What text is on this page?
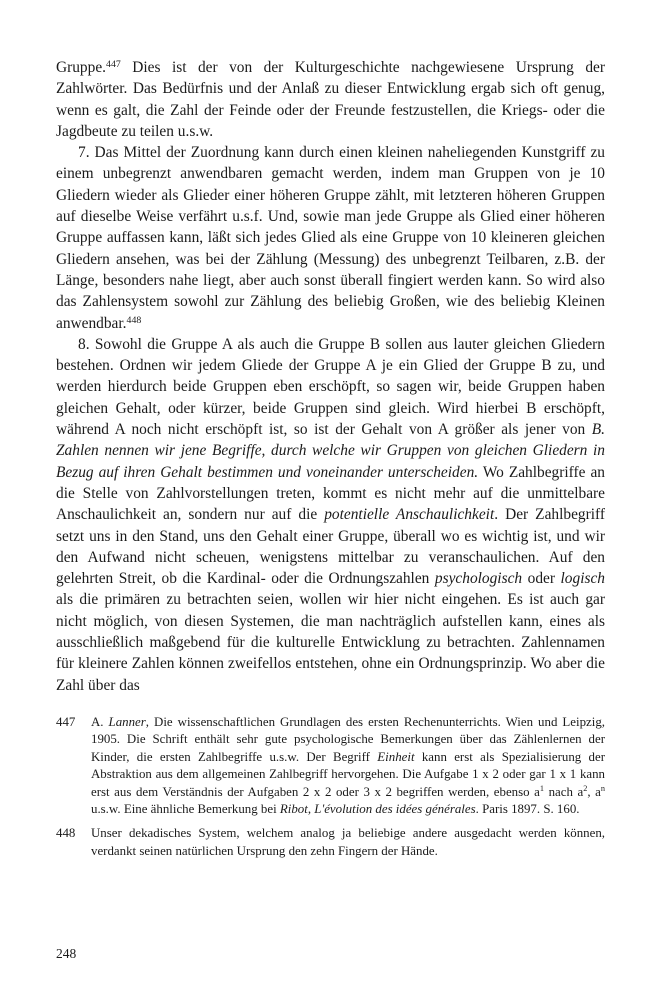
Gruppe.$^{447}$ Dies ist der von der Kulturgeschichte nachgewiesene Ursprung der Zahlwörter. Das Bedürfnis und der Anlaß zu dieser Entwicklung ergab sich oft genug, wenn es galt, die Zahl der Feinde oder der Freunde festzustellen, die Kriegs- oder die Jagdbeute zu teilen u.s.w.

7. Das Mittel der Zuordnung kann durch einen kleinen naheliegenden Kunstgriff zu einem unbegrenzt anwendbaren gemacht werden, indem man Gruppen von je 10 Gliedern wieder als Glieder einer höheren Gruppe zählt, mit letzteren höheren Gruppen auf dieselbe Weise verfährt u.s.f. Und, sowie man jede Gruppe als Glied einer höheren Gruppe auffassen kann, läßt sich jedes Glied als eine Gruppe von 10 kleineren gleichen Gliedern ansehen, was bei der Zählung (Messung) des unbegrenzt Teilbaren, z.B. der Länge, besonders nahe liegt, aber auch sonst überall fingiert werden kann. So wird also das Zahlensystem sowohl zur Zählung des beliebig Großen, wie des beliebig Kleinen anwendbar.$^{448}$

8. Sowohl die Gruppe A als auch die Gruppe B sollen aus lauter gleichen Gliedern bestehen. Ordnen wir jedem Gliede der Gruppe A je ein Glied der Gruppe B zu, und werden hierdurch beide Gruppen eben erschöpft, so sagen wir, beide Gruppen haben gleichen Gehalt, oder kürzer, beide Gruppen sind gleich. Wird hierbei B erschöpft, während A noch nicht erschöpft ist, so ist der Gehalt von A größer als jener von B. Zahlen nennen wir jene Begriffe, durch welche wir Gruppen von gleichen Gliedern in Bezug auf ihren Gehalt bestimmen und voneinander unterscheiden. Wo Zahlbegriffe an die Stelle von Zahlvorstellungen treten, kommt es nicht mehr auf die unmittelbare Anschaulichkeit an, sondern nur auf die potentielle Anschaulichkeit. Der Zahlbegriff setzt uns in den Stand, uns den Gehalt einer Gruppe, überall wo es wichtig ist, und wir den Aufwand nicht scheuen, wenigstens mittelbar zu veranschaulichen. Auf den gelehrten Streit, ob die Kardinal- oder die Ordnungszahlen psychologisch oder logisch als die primären zu betrachten seien, wollen wir hier nicht eingehen. Es ist auch gar nicht möglich, von diesen Systemen, die man nachträglich aufstellen kann, eines als ausschließlich maßgebend für die kulturelle Entwicklung zu betrachten. Zahlennamen für kleinere Zahlen können zweifellos entstehen, ohne ein Ordnungsprinzip. Wo aber die Zahl über das

447	A. Lanner, Die wissenschaftlichen Grundlagen des ersten Rechenunterrichts. Wien und Leipzig, 1905. Die Schrift enthält sehr gute psychologische Bemerkungen über das Zählenlernen der Kinder, die ersten Zahlbegriffe u.s.w. Der Begriff Einheit kann erst als Spezialisierung der Abstraktion aus dem allgemeinen Zahlbegriff hervorgehen. Die Aufgabe 1 x 2 oder gar 1 x 1 kann erst aus dem Verständnis der Aufgaben 2 x 2 oder 3 x 2 begriffen werden, ebenso $a^1$ nach $a^2$, $a^n$ u.s.w. Eine ähnliche Bemerkung bei Ribot, L'évolution des idées générales. Paris 1897. S. 160.
448	Unser dekadisches System, welchem analog ja beliebige andere ausgedacht werden können, verdankt seinen natürlichen Ursprung den zehn Fingern der Hände.
248
